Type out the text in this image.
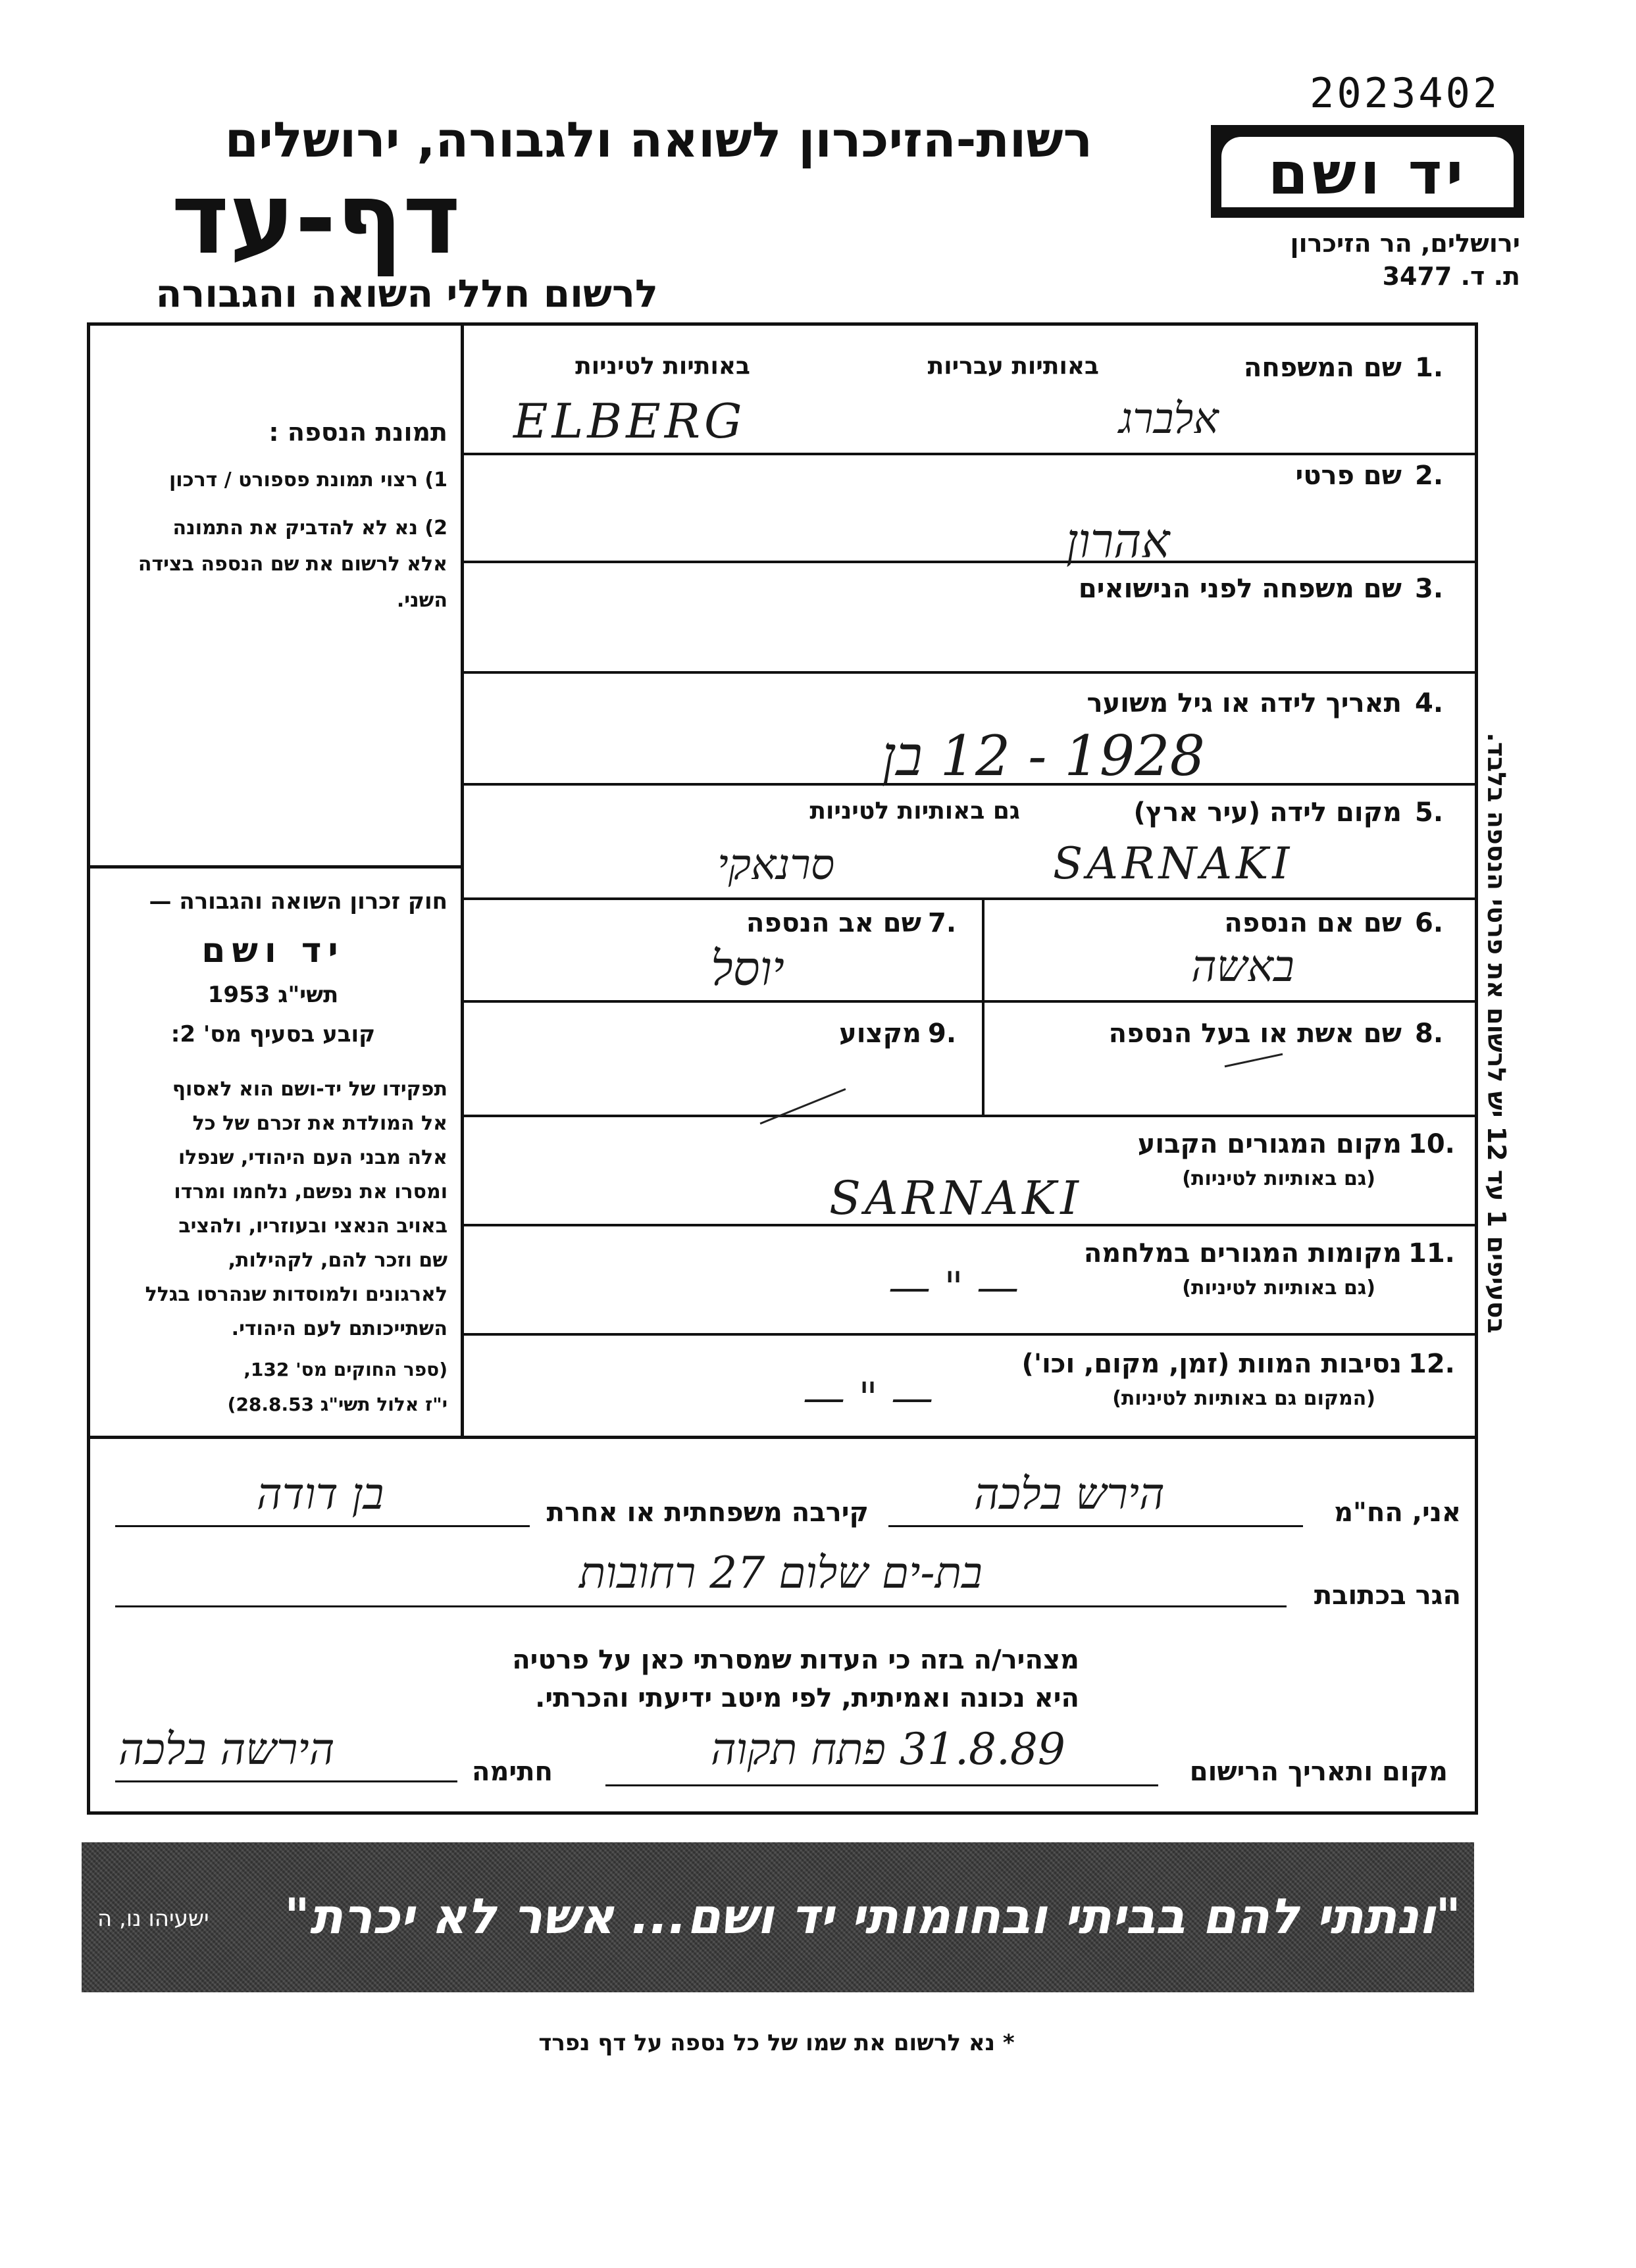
2023402
רשות-הזיכרון לשואה ולגבורה, ירושלים
דף-עד
לרשום חללי השואה והגבורה
יד ושם
ירושלים, הר הזיכרון
ת. ד. 3477
תמונת הנספה :
1) רצוי תמונת פספורט / דרכון
2) נא לא להדביק את התמונה
אלא לרשום את שם הנספה בצידה
השני.
חוק זכרון השואה והגבורה —
יד ושם
תשי"ג 1953
קובע בסעיף מס' 2:
תפקידו של יד-ושם הוא לאסוף
אל המולדת את זכרם של כל
אלה מבני העם היהודי, שנפלו
ומסרו את נפשם, נלחמו ומרדו
באויב הנאצי ובעוזריו, ולהציב
שם וזכר להם, לקהילות,
לארגונים ולמוסדות שנהרסו בגלל
השתייכותם לעם היהודי.
(ספר החוקים מס' 132,
י"ז אלול תשי"ג 28.8.53)
1.
שם המשפחה
באותיות עבריות
באותיות לטיניות
אלברג
ELBERG
2.
שם פרטי
אהרון
3.
שם משפחה לפני הנישואים
4.
תאריך לידה או גיל משוער
1928 - 12 בן
5.
מקום לידה (עיר ארץ)
גם באותיות לטיניות
סרנאקי	SARNAKI
6.
שם אם הנספה
באשה
7.
שם אב הנספה
יוסל
8.
שם אשת או בעל הנספה
9.
מקצוע
10.
מקום המגורים הקבוע
(גם באותיות לטיניות)
SARNAKI
11.
מקומות המגורים במלחמה
(גם באותיות לטיניות)
— " —
12.
נסיבות המוות (זמן, מקום, וכו')
(המקום גם באותיות לטיניות)
— " —
בסעיפים 1 עד 12 יש לרשום את פרטי הנספה בלבד.
אני, הח"מ
הירש בלכה
קירבה משפחתית או אחרת
בן דודה
הגר בכתובת
בת-ים שלום 27 רחובות
מצהיר/ה בזה כי העדות שמסרתי כאן על פרטיה
היא נכונה ואמיתית, לפי מיטב ידיעתי והכרתי.
מקום ותאריך הרישום
31.8.89 פתח תקוה
חתימה
הירשה בלכה
"ונתתי להם בביתי ובחומותי יד ושם... אשר לא יכרת"
ישעיהו נו, ה
* נא לרשום את שמו של כל נספה על דף נפרד
